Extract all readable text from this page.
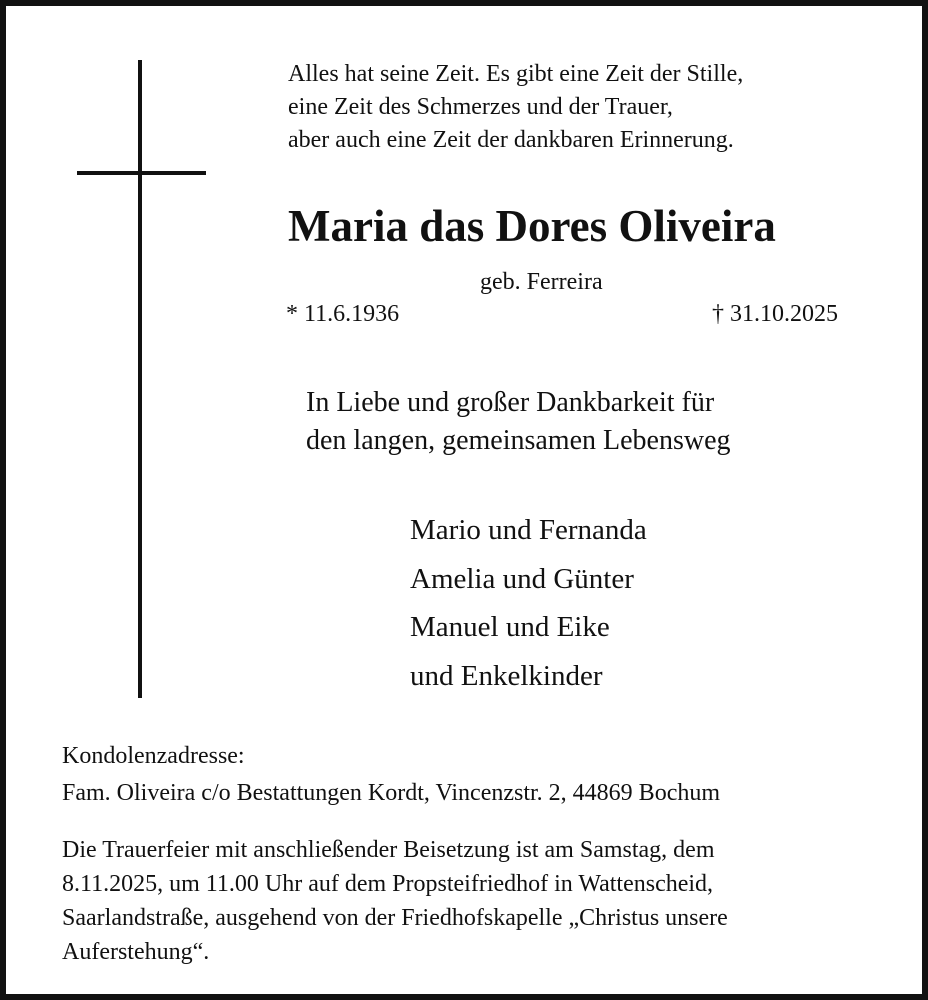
Alles hat seine Zeit. Es gibt eine Zeit der Stille,
eine Zeit des Schmerzes und der Trauer,
aber auch eine Zeit der dankbaren Erinnerung.
Maria das Dores Oliveira
geb. Ferreira
* 11.6.1936	† 31.10.2025
In Liebe und großer Dankbarkeit für
den langen, gemeinsamen Lebensweg
Mario und Fernanda
Amelia und Günter
Manuel und Eike
und Enkelkinder
Kondolenzadresse:
Fam. Oliveira c/o Bestattungen Kordt, Vincenzstr. 2, 44869 Bochum
Die Trauerfeier mit anschließender Beisetzung ist am Samstag, dem
8.11.2025, um 11.00 Uhr auf dem Propsteifriedhof in Wattenscheid,
Saarlandstraße, ausgehend von der Friedhofskapelle „Christus unsere
Auferstehung“.
